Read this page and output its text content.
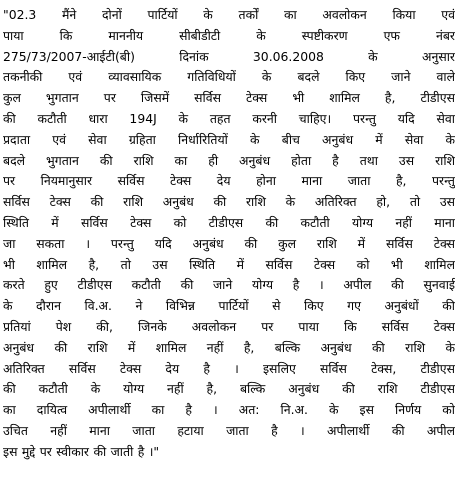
"02.3 मैंने दोनों पार्टियों के तर्कों का अवलोकन किया एवं
पाया कि माननीय सीबीडीटी के स्पष्टीकरण एफ नंबर
275/73/2007-आईटी(बी) दिनांक 30.06.2008 के अनुसार
तकनीकी एवं व्यावसायिक गतिविधियों के बदले किए जाने वाले
कुल भुगतान पर जिसमें सर्विस टेक्स भी शामिल है, टीडीएस
की कटौती धारा 194J के तहत करनी चाहिए। परन्तु यदि सेवा
प्रदाता एवं सेवा ग्रहिता निर्धारितियों के बीच अनुबंध में सेवा के
बदले भुगतान की राशि का ही अनुबंध होता है तथा उस राशि
पर नियमानुसार सर्विस टेक्स देय होना माना जाता है, परन्तु
सर्विस टेक्स की राशि अनुबंध की राशि के अतिरिक्त हो, तो उस
स्थिति में सर्विस टेक्स को टीडीएस की कटौती योग्य नहीं माना
जा सकता । परन्तु यदि अनुबंध की कुल राशि में सर्विस टेक्स
भी शामिल है, तो उस स्थिति में सर्विस टेक्स को भी शामिल
करते हुए टीडीएस कटौती की जाने योग्य है । अपील की सुनवाई
के दौरान वि.अ. ने विभिन्न पार्टियों से किए गए अनुबंधों की
प्रतियां पेश की, जिनके अवलोकन पर पाया कि सर्विस टेक्स
अनुबंध की राशि में शामिल नहीं है, बल्कि अनुबंध की राशि के
अतिरिक्त सर्विस टेक्स देय है । इसलिए सर्विस टेक्स, टीडीएस
की कटौती के योग्य नहीं है, बल्कि अनुबंध की राशि टीडीएस
का दायित्व अपीलार्थी का है । अत: नि.अ. के इस निर्णय को
उचित नहीं माना जाता हटाया जाता है । अपीलार्थी की अपील
इस मुद्दे पर स्वीकार की जाती है ।"
